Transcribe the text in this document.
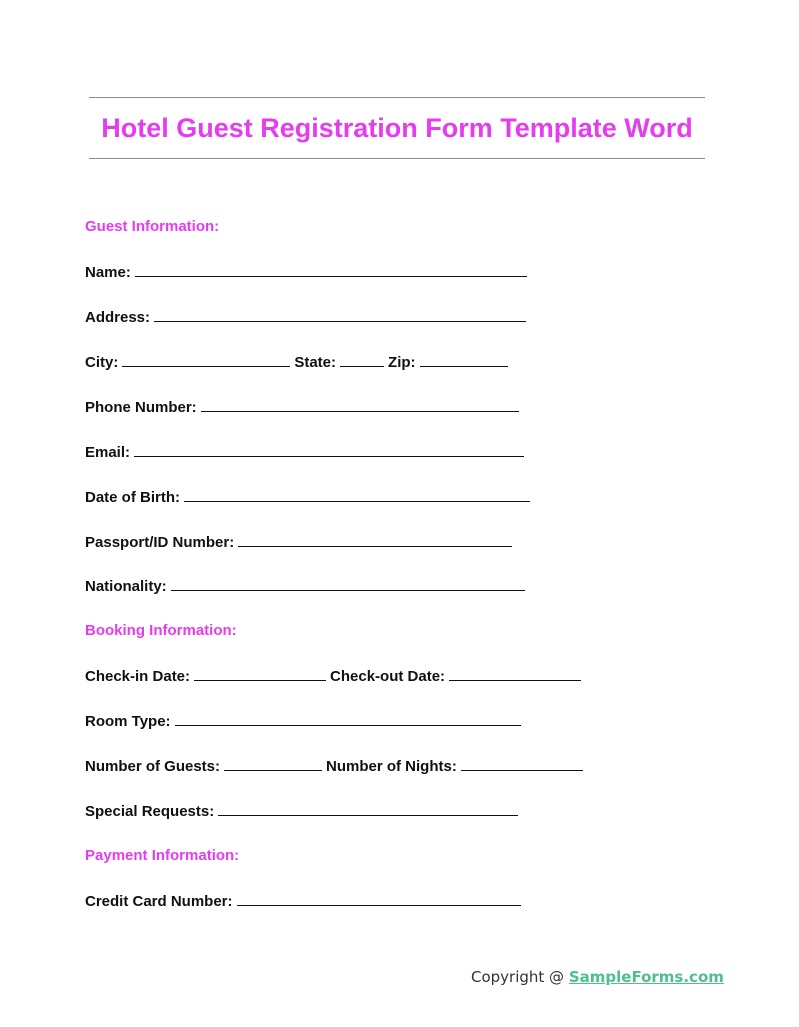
Hotel Guest Registration Form Template Word
Guest Information:
Name:
Address:
City:	State:	Zip:
Phone Number:
Email:
Date of Birth:
Passport/ID Number:
Nationality:
Booking Information:
Check-in Date:	Check-out Date:
Room Type:
Number of Guests:	Number of Nights:
Special Requests:
Payment Information:
Credit Card Number:
Copyright @ SampleForms.com
